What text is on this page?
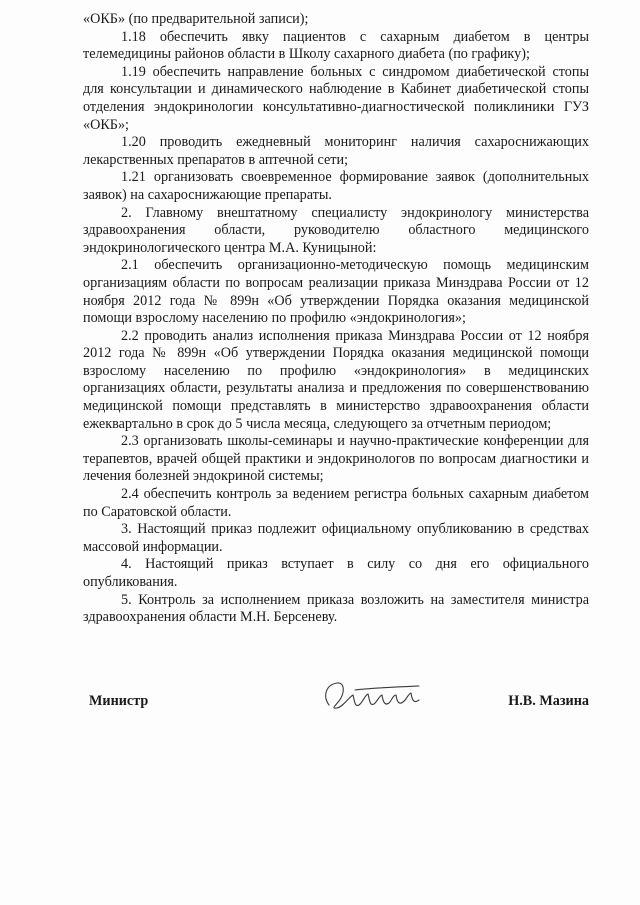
«ОКБ» (по предварительной записи);

1.18 обеспечить явку пациентов с сахарным диабетом в центры телемедицины районов области в Школу сахарного диабета (по графику);

1.19 обеспечить направление больных с синдромом диабетической стопы для консультации и динамического наблюдение в Кабинет диабетической стопы отделения эндокринологии консультативно-диагностической поликлиники ГУЗ «ОКБ»;

1.20 проводить ежедневный мониторинг наличия сахароснижающих лекарственных препаратов в аптечной сети;

1.21 организовать своевременное формирование заявок (дополнительных заявок) на сахароснижающие препараты.

2. Главному внештатному специалисту эндокринологу министерства здравоохранения области, руководителю областного медицинского эндокринологического центра М.А. Куницыной:

2.1 обеспечить организационно-методическую помощь медицинским организациям области по вопросам реализации приказа Минздрава России от 12 ноября 2012 года № 899н «Об утверждении Порядка оказания медицинской помощи взрослому населению по профилю «эндокринология»;

2.2 проводить анализ исполнения приказа Минздрава России от 12 ноября 2012 года № 899н «Об утверждении Порядка оказания медицинской помощи взрослому населению по профилю «эндокринология» в медицинских организациях области, результаты анализа и предложения по совершенствованию медицинской помощи представлять в министерство здравоохранения области ежеквартально в срок до 5 числа месяца, следующего за отчетным периодом;

2.3 организовать школы-семинары и научно-практические конференции для терапевтов, врачей общей практики и эндокринологов по вопросам диагностики и лечения болезней эндокриной системы;

2.4 обеспечить контроль за ведением регистра больных сахарным диабетом по Саратовской области.

3. Настоящий приказ подлежит официальному опубликованию в средствах массовой информации.

4. Настоящий приказ вступает в силу со дня его официального опубликования.

5. Контроль за исполнением приказа возложить на заместителя министра здравоохранения области М.Н. Берсеневу.

Министр	Н.В. Мазина
